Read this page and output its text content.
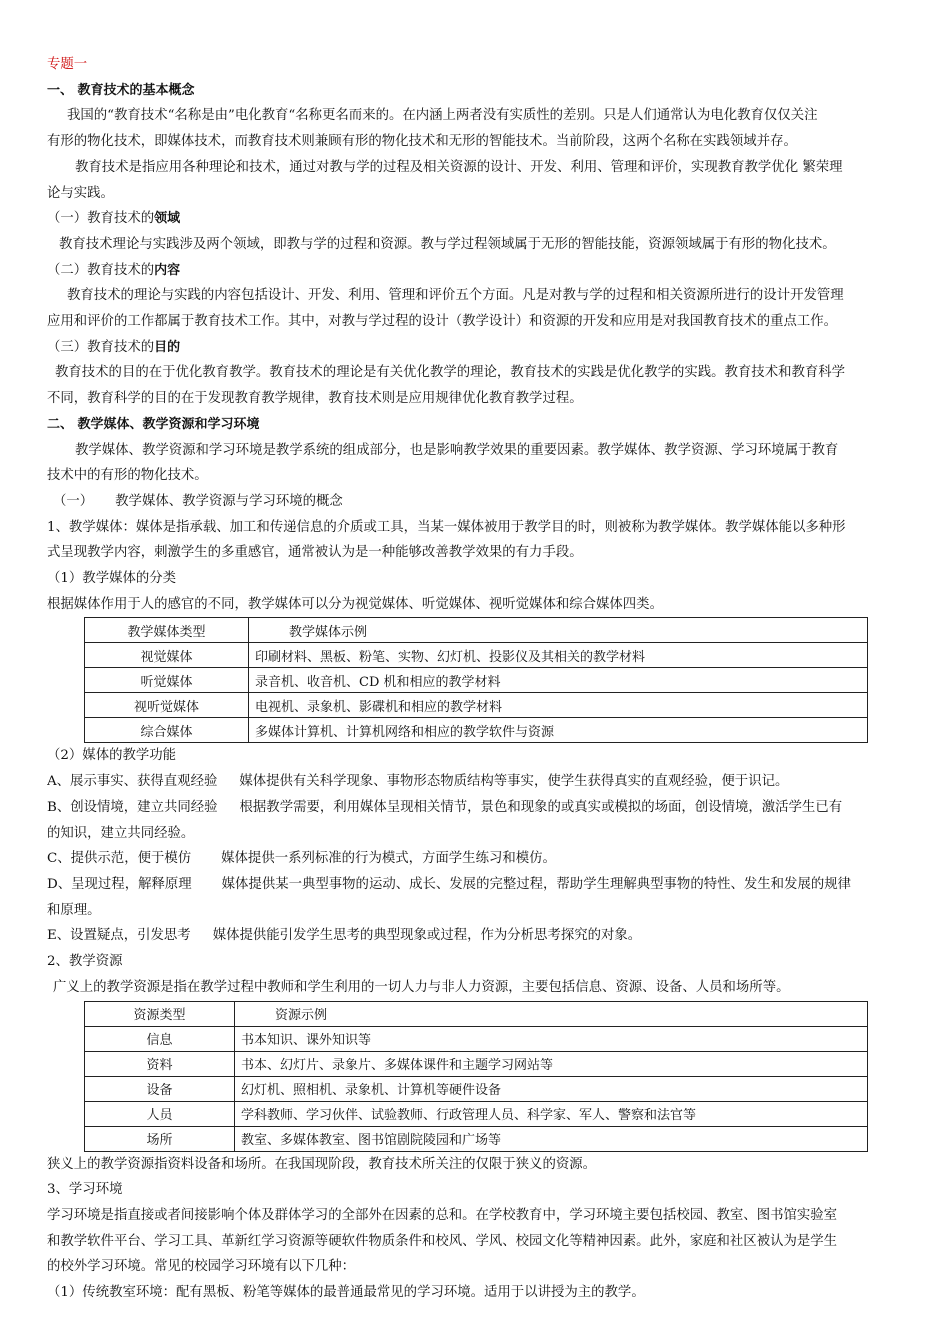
专题一

一、 教育技术的基本概念

我国的“教育技术“名称是由”电化教育“名称更名而来的。在内涵上两者没有实质性的差别。只是人们通常认为电化教育仅仅关注

有形的物化技术，即媒体技术，而教育技术则兼顾有形的物化技术和无形的智能技术。当前阶段，这两个名称在实践领域并存。

教育技术是指应用各种理论和技术，通过对教与学的过程及相关资源的设计、开发、利用、管理和评价，实现教育教学优化 繁荣理

论与实践。

（一）教育技术的领域

教育技术理论与实践涉及两个领域，即教与学的过程和资源。教与学过程领域属于无形的智能技能，资源领域属于有形的物化技术。

（二）教育技术的内容

教育技术的理论与实践的内容包括设计、开发、利用、管理和评价五个方面。凡是对教与学的过程和相关资源所进行的设计开发管理

应用和评价的工作都属于教育技术工作。其中，对教与学过程的设计（教学设计）和资源的开发和应用是对我国教育技术的重点工作。

（三）教育技术的目的

教育技术的目的在于优化教育教学。教育技术的理论是有关优化教学的理论，教育技术的实践是优化教学的实践。教育技术和教育科学

不同，教育科学的目的在于发现教育教学规律，教育技术则是应用规律优化教育教学过程。

二、 教学媒体、教学资源和学习环境

教学媒体、教学资源和学习环境是教学系统的组成部分，也是影响教学效果的重要因素。教学媒体、教学资源、学习环境属于教育

技术中的有形的物化技术。

（一） 教学媒体、教学资源与学习环境的概念

1、教学媒体：媒体是指承载、加工和传递信息的介质或工具，当某一媒体被用于教学目的时，则被称为教学媒体。教学媒体能以多种形

式呈现教学内容，刺激学生的多重感官，通常被认为是一种能够改善教学效果的有力手段。

（1）教学媒体的分类

根据媒体作用于人的感官的不同，教学媒体可以分为视觉媒体、听觉媒体、视听觉媒体和综合媒体四类。

教学媒体类型	教学媒体示例
视觉媒体	印刷材料、黑板、粉笔、实物、幻灯机、投影仪及其相关的教学材料
听觉媒体	录音机、收音机、CD 机和相应的教学材料
视听觉媒体	电视机、录象机、影碟机和相应的教学材料
综合媒体	多媒体计算机、计算机网络和相应的教学软件与资源

（2）媒体的教学功能

A、展示事实、获得直观经验 媒体提供有关科学现象、事物形态物质结构等事实，使学生获得真实的直观经验，便于识记。

B、创设情境，建立共同经验 根据教学需要，利用媒体呈现相关情节，景色和现象的或真实或模拟的场面，创设情境，激活学生已有

的知识，建立共同经验。

C、提供示范，便于模仿 媒体提供一系列标准的行为模式，方面学生练习和模仿。

D、呈现过程，解释原理 媒体提供某一典型事物的运动、成长、发展的完整过程，帮助学生理解典型事物的特性、发生和发展的规律

和原理。

E、设置疑点，引发思考 媒体提供能引发学生思考的典型现象或过程，作为分析思考探究的对象。

2、教学资源

广义上的教学资源是指在教学过程中教师和学生利用的一切人力与非人力资源，主要包括信息、资源、设备、人员和场所等。

资源类型	资源示例
信息	书本知识、课外知识等
资料	书本、幻灯片、录象片、多媒体课件和主题学习网站等
设备	幻灯机、照相机、录象机、计算机等硬件设备
人员	学科教师、学习伙伴、试验教师、行政管理人员、科学家、军人、警察和法官等
场所	教室、多媒体教室、图书馆剧院陵园和广场等

狭义上的教学资源指资料设备和场所。在我国现阶段，教育技术所关注的仅限于狭义的资源。

3、学习环境

学习环境是指直接或者间接影响个体及群体学习的全部外在因素的总和。在学校教育中，学习环境主要包括校园、教室、图书馆实验室

和教学软件平台、学习工具、革新红学习资源等硬软件物质条件和校风、学风、校园文化等精神因素。此外，家庭和社区被认为是学生

的校外学习环境。常见的校园学习环境有以下几种：

（1）传统教室环境：配有黑板、粉笔等媒体的最普通最常见的学习环境。适用于以讲授为主的教学。
